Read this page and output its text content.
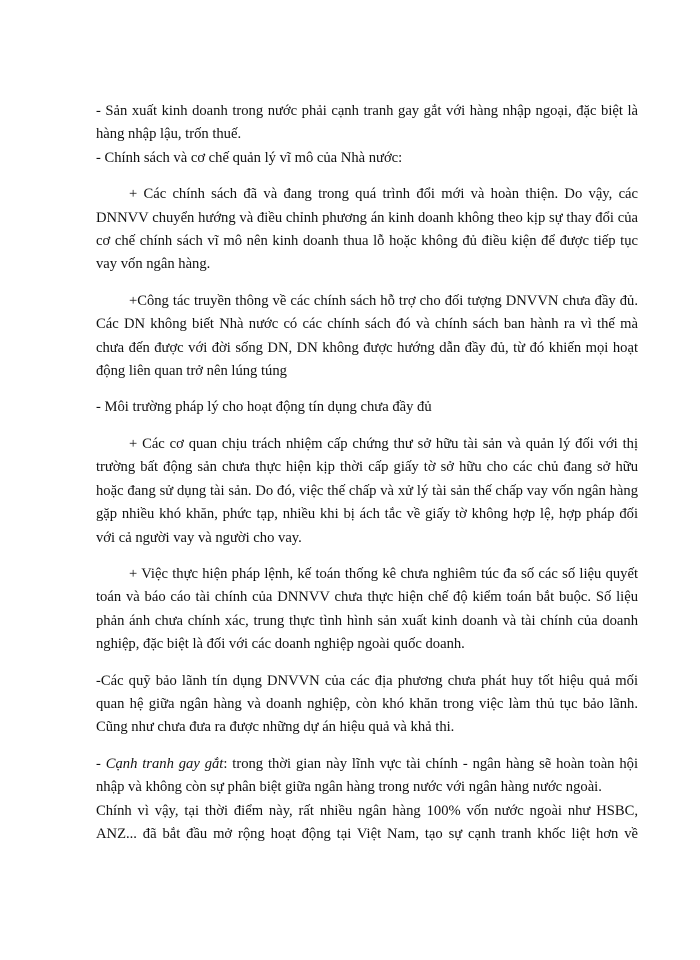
- Sản xuất kinh doanh trong nước phải cạnh tranh gay gắt với hàng nhập ngoại, đặc biệt là hàng nhập lậu, trốn thuế.

- Chính sách và cơ chế quản lý vĩ mô của Nhà nước:

+ Các chính sách đã và đang trong quá trình đổi mới và hoàn thiện. Do vậy, các DNNVV chuyển hướng và điều chỉnh phương án kinh doanh không theo kịp sự thay đổi của cơ chế chính sách vĩ mô nên kinh doanh thua lỗ hoặc không đủ điều kiện để được tiếp tục vay vốn ngân hàng.

+Công tác truyền thông về các chính sách hỗ trợ cho đối tượng DNVVN chưa đầy đủ. Các DN không biết Nhà nước có các chính sách đó và chính sách ban hành ra vì thế mà chưa đến được với đời sống DN, DN không được hướng dẫn đầy đủ, từ đó khiến mọi hoạt động liên quan trở nên lúng túng

- Môi trường pháp lý cho hoạt động tín dụng chưa đầy đủ

+ Các cơ quan chịu trách nhiệm cấp chứng thư sở hữu tài sản và quản lý đối với thị trường bất động sản chưa thực hiện kịp thời cấp giấy tờ sở hữu cho các chủ đang sở hữu hoặc đang sử dụng tài sản. Do đó, việc thế chấp và xử lý tài sản thế chấp vay vốn ngân hàng gặp nhiều khó khăn, phức tạp, nhiều khi bị ách tắc về giấy tờ không hợp lệ, hợp pháp đối với cả người vay và người cho vay.

+ Việc thực hiện pháp lệnh, kế toán thống kê chưa nghiêm túc đa số các số liệu quyết toán và báo cáo tài chính của DNNVV chưa thực hiện chế độ kiểm toán bắt buộc. Số liệu phản ánh chưa chính xác, trung thực tình hình sản xuất kinh doanh và tài chính của doanh nghiệp, đặc biệt là đối với các doanh nghiệp ngoài quốc doanh.

-Các quỹ bảo lãnh tín dụng DNVVN của các địa phương chưa phát huy tốt hiệu quả mối quan hệ giữa ngân hàng và doanh nghiệp, còn khó khăn trong việc làm thủ tục bảo lãnh. Cũng như chưa đưa ra được những dự án hiệu quả và khả thi.

- Cạnh tranh gay gắt: trong thời gian này lĩnh vực tài chính - ngân hàng sẽ hoàn toàn hội nhập và không còn sự phân biệt giữa ngân hàng trong nước với ngân hàng nước ngoài.

Chính vì vậy, tại thời điểm này, rất nhiều ngân hàng 100% vốn nước ngoài như HSBC, ANZ... đã bắt đầu mở rộng hoạt động tại Việt Nam, tạo sự cạnh tranh khốc liệt hơn về
